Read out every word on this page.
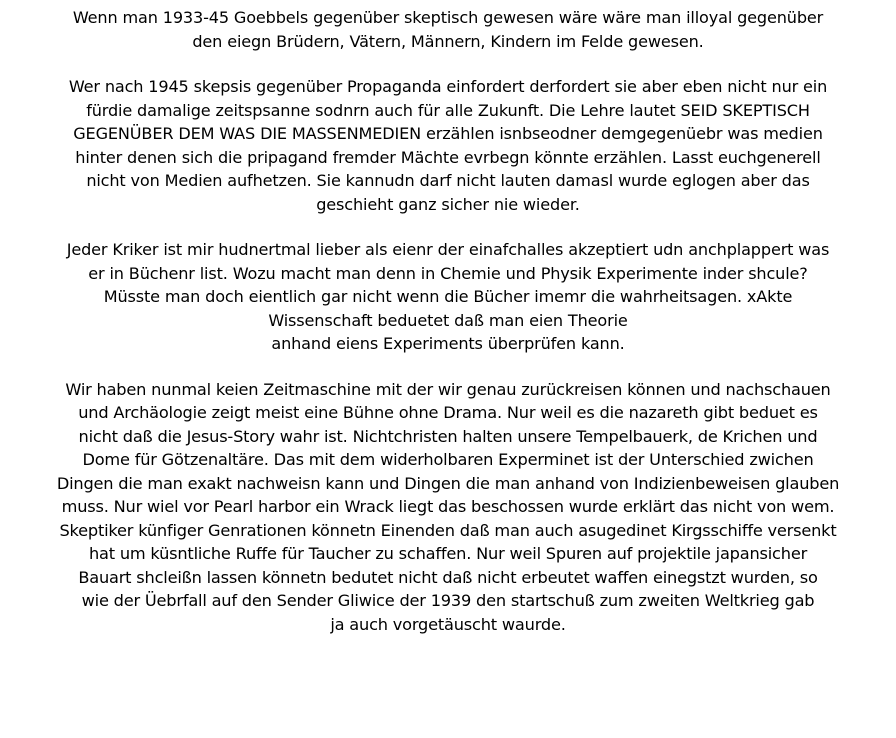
Wenn man 1933-45 Goebbels gegenüber skeptisch gewesen wäre wäre man illoyal gegenüber
den eiegn Brüdern, Vätern, Männern, Kindern im Felde gewesen.

Wer nach 1945 skepsis gegenüber Propaganda einfordert derfordert sie aber eben nicht nur ein
fürdie damalige zeitspsanne sodnrn auch für alle Zukunft. Die Lehre lautet SEID SKEPTISCH
GEGENÜBER DEM WAS DIE MASSENMEDIEN erzählen isnbseodner demgegenüebr was medien
hinter denen sich die pripagand fremder Mächte evrbegn könnte erzählen. Lasst euchgenerell
nicht von Medien aufhetzen. Sie kannudn darf nicht lauten damasl wurde eglogen aber das
geschieht ganz sicher nie wieder.

Jeder Kriker ist mir hudnertmal lieber als eienr der einafchalles akzeptiert udn anchplappert was
er in Büchenr list. Wozu macht man denn in Chemie und Physik Experimente inder shcule?
Müsste man doch eientlich gar nicht wenn die Bücher imemr die wahrheitsagen. xAkte
Wissenschaft beduetet daß man eien Theorie
anhand eiens Experiments überprüfen kann.

Wir haben nunmal keien Zeitmaschine mit der wir genau zurückreisen können und nachschauen
und Archäologie zeigt meist eine Bühne ohne Drama. Nur weil es die nazareth gibt beduet es
nicht daß die Jesus-Story wahr ist. Nichtchristen halten unsere Tempelbauerk, de Krichen und
Dome für Götzenaltäre. Das mit dem widerholbaren Experminet ist der Unterschied zwichen
Dingen die man exakt nachweisn kann und Dingen die man anhand von Indizienbeweisen glauben
muss. Nur wiel vor Pearl harbor ein Wrack liegt das beschossen wurde erklärt das nicht von wem.
Skeptiker künfiger Genrationen könnetn Einenden daß man auch asugedinet Kirgsschiffe versenkt
hat um küsntliche Ruffe für Taucher zu schaffen. Nur weil Spuren auf projektile japansicher
Bauart shcleißn lassen könnetn bedutet nicht daß nicht erbeutet waffen einegstzt wurden, so
wie der Üebrfall auf den Sender Gliwice der 1939 den startschuß zum zweiten Weltkrieg gab
ja auch vorgetäuscht waurde.
